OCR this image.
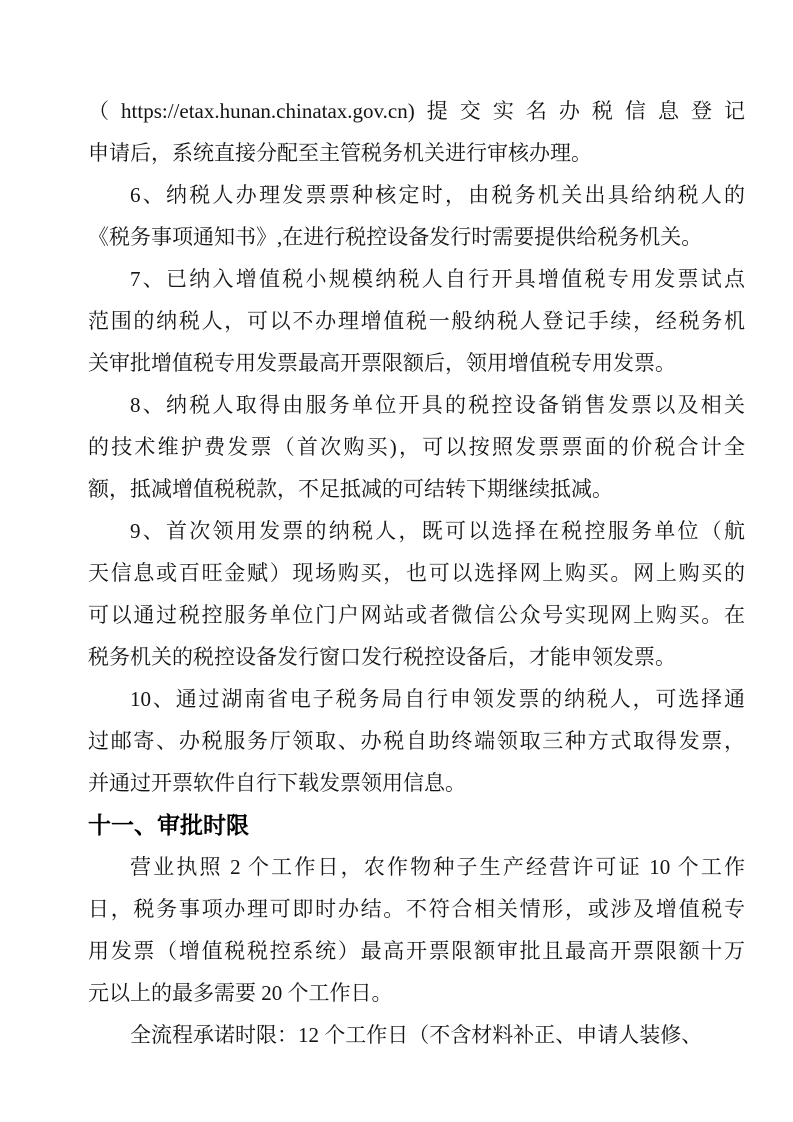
（https://etax.hunan.chinatax.gov.cn)提交实名办税信息登记
申请后，系统直接分配至主管税务机关进行审核办理。
6、纳税人办理发票票种核定时，由税务机关出具给纳税人的
《税务事项通知书》,在进行税控设备发行时需要提供给税务机关。
7、已纳入增值税小规模纳税人自行开具增值税专用发票试点
范围的纳税人，可以不办理增值税一般纳税人登记手续，经税务机
关审批增值税专用发票最高开票限额后，领用增值税专用发票。
8、纳税人取得由服务单位开具的税控设备销售发票以及相关
的技术维护费发票（首次购买)，可以按照发票票面的价税合计全
额，抵减增值税税款，不足抵减的可结转下期继续抵减。
9、首次领用发票的纳税人，既可以选择在税控服务单位（航
天信息或百旺金赋）现场购买，也可以选择网上购买。网上购买的
可以通过税控服务单位门户网站或者微信公众号实现网上购买。在
税务机关的税控设备发行窗口发行税控设备后，才能申领发票。
10、通过湖南省电子税务局自行申领发票的纳税人，可选择通
过邮寄、办税服务厅领取、办税自助终端领取三种方式取得发票，
并通过开票软件自行下载发票领用信息。
十一、审批时限
营业执照 2 个工作日，农作物种子生产经营许可证 10 个工作
日，税务事项办理可即时办结。不符合相关情形，或涉及增值税专
用发票（增值税税控系统）最高开票限额审批且最高开票限额十万
元以上的最多需要 20 个工作日。
全流程承诺时限：12 个工作日（不含材料补正、申请人装修、
